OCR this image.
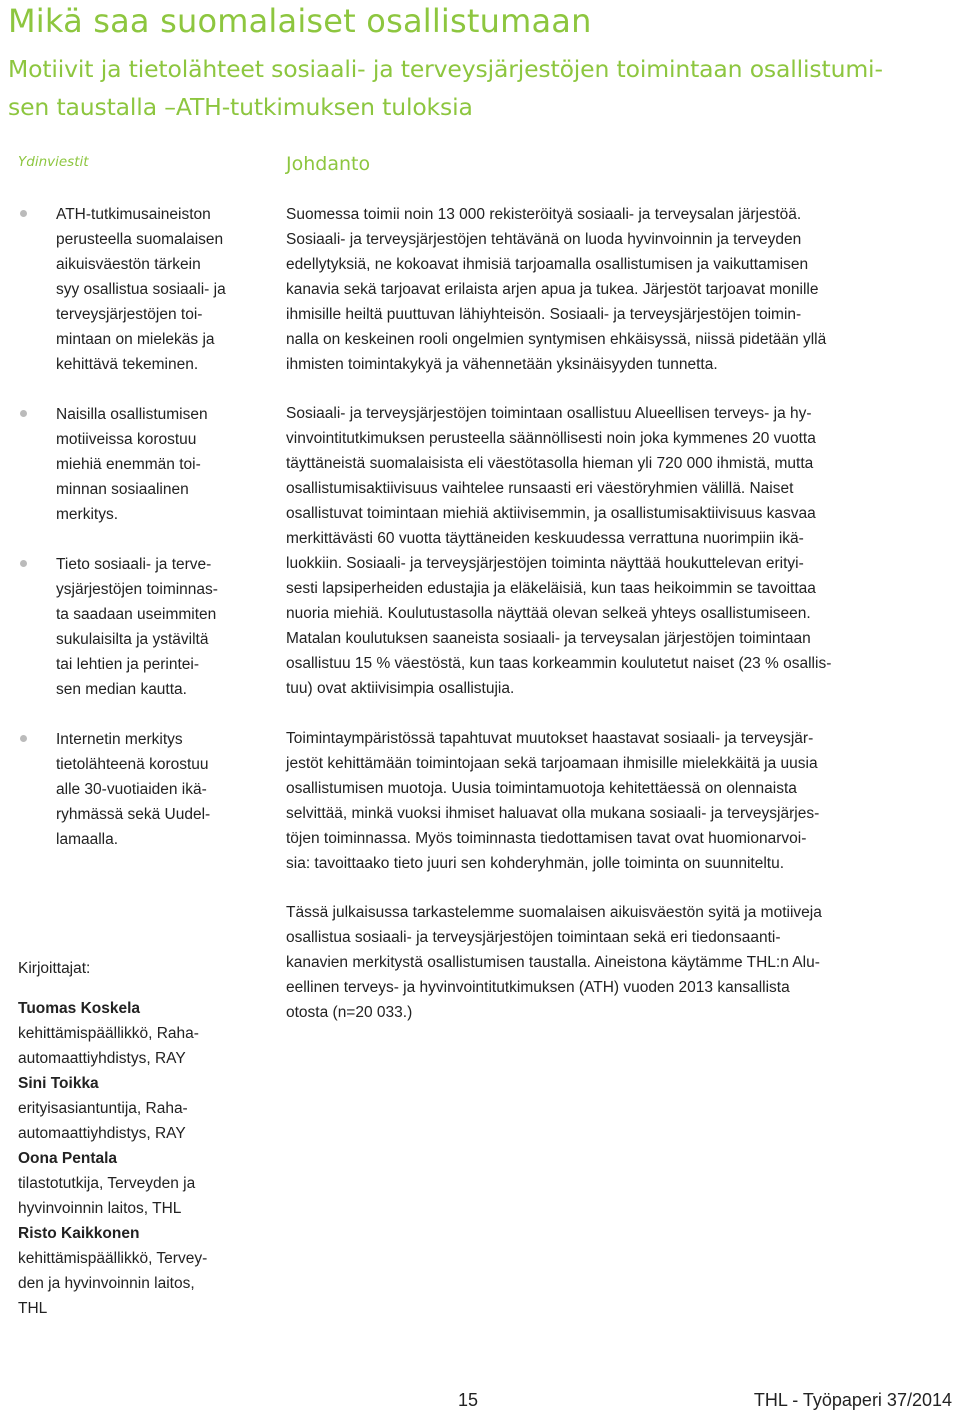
Mikä saa suomalaiset osallistumaan
Motiivit ja tietolähteet sosiaali- ja terveysjärjestöjen toimintaan osallistumi-
sen taustalla –ATH-tutkimuksen tuloksia
Ydinviestit
ATH-tutkimusaineiston
perusteella suomalaisen
aikuisväestön tärkein
syy osallistua sosiaali- ja
terveysjärjestöjen toi-
mintaan on mielekäs ja
kehittävä tekeminen.
Naisilla osallistumisen
motiiveissa korostuu
miehiä enemmän toi-
minnan sosiaalinen
merkitys.
Tieto sosiaali- ja terve-
ysjärjestöjen toiminnas-
ta saadaan useimmiten
sukulaisilta ja ystäviltä
tai lehtien ja perintei-
sen median kautta.
Internetin merkitys
tietolähteenä korostuu
alle 30-vuotiaiden ikä-
ryhmässä sekä Uudel-
lamaalla.
Kirjoittajat:
Tuomas Koskela
kehittämispäällikkö, Raha-
automaattiyhdistys, RAY
Sini Toikka
erityisasiantuntija, Raha-
automaattiyhdistys, RAY
Oona Pentala
tilastotutkija, Terveyden ja
hyvinvoinnin laitos, THL
Risto Kaikkonen
kehittämispäällikkö, Tervey-
den ja hyvinvoinnin laitos,
THL
Johdanto
Suomessa toimii noin 13 000 rekisteröityä sosiaali- ja terveysalan järjestöä.
Sosiaali- ja terveysjärjestöjen tehtävänä on luoda hyvinvoinnin ja terveyden
edellytyksiä, ne kokoavat ihmisiä tarjoamalla osallistumisen ja vaikuttamisen
kanavia sekä tarjoavat erilaista arjen apua ja tukea. Järjestöt tarjoavat monille
ihmisille heiltä puuttuvan lähiyhteisön. Sosiaali- ja terveysjärjestöjen toimin-
nalla on keskeinen rooli ongelmien syntymisen ehkäisyssä, niissä pidetään yllä
ihmisten toimintakykyä ja vähennetään yksinäisyyden tunnetta.
Sosiaali- ja terveysjärjestöjen toimintaan osallistuu Alueellisen terveys- ja hy-
vinvointitutkimuksen perusteella säännöllisesti noin joka kymmenes 20 vuotta
täyttäneistä suomalaisista eli väestötasolla hieman yli 720 000 ihmistä, mutta
osallistumisaktiivisuus vaihtelee runsaasti eri väestöryhmien välillä. Naiset
osallistuvat toimintaan miehiä aktiivisemmin, ja osallistumisaktiivisuus kasvaa
merkittävästi 60 vuotta täyttäneiden keskuudessa verrattuna nuorimpiin ikä-
luokkiin. Sosiaali- ja terveysjärjestöjen toiminta näyttää houkuttelevan erityi-
sesti lapsiperheiden edustajia ja eläkeläisiä, kun taas heikoimmin se tavoittaa
nuoria miehiä. Koulutustasolla näyttää olevan selkeä yhteys osallistumiseen.
Matalan koulutuksen saaneista sosiaali- ja terveysalan järjestöjen toimintaan
osallistuu 15 % väestöstä, kun taas korkeammin koulutetut naiset (23 % osallis-
tuu) ovat aktiivisimpia osallistujia.
Toimintaympäristössä tapahtuvat muutokset haastavat sosiaali- ja terveysjär-
jestöt kehittämään toimintojaan sekä tarjoamaan ihmisille mielekkäitä ja uusia
osallistumisen muotoja. Uusia toimintamuotoja kehitettäessä on olennaista
selvittää, minkä vuoksi ihmiset haluavat olla mukana sosiaali- ja terveysjärjes-
töjen toiminnassa. Myös toiminnasta tiedottamisen tavat ovat huomionarvoi-
sia: tavoittaako tieto juuri sen kohderyhmän, jolle toiminta on suunniteltu.
Tässä julkaisussa tarkastelemme suomalaisen aikuisväestön syitä ja motiiveja
osallistua sosiaali- ja terveysjärjestöjen toimintaan sekä eri tiedonsaanti-
kanavien merkitystä osallistumisen taustalla. Aineistona käytämme THL:n Alu-
eellinen terveys- ja hyvinvointitutkimuksen (ATH) vuoden 2013 kansallista
otosta (n=20 033.)
15	THL - Työpaperi 37/2014
